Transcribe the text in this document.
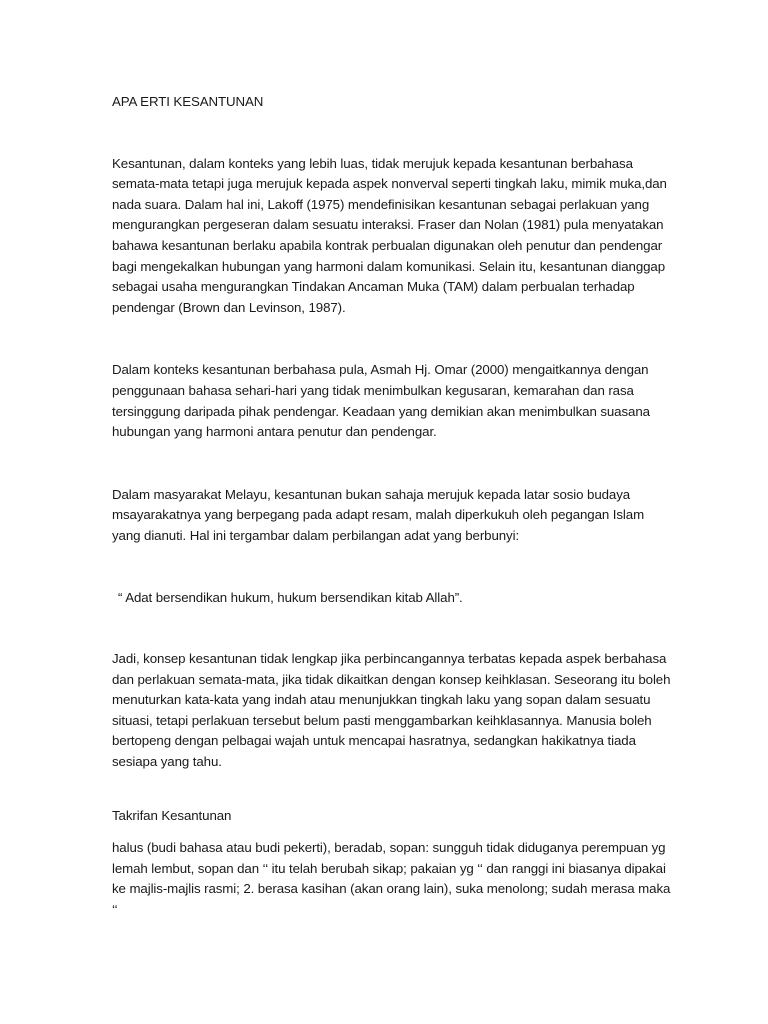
APA ERTI KESANTUNAN

Kesantunan, dalam konteks yang lebih luas, tidak merujuk kepada kesantunan berbahasa semata-mata tetapi juga merujuk kepada aspek nonverval seperti tingkah laku, mimik muka,dan nada suara. Dalam hal ini, Lakoff (1975) mendefinisikan kesantunan sebagai perlakuan yang mengurangkan pergeseran dalam sesuatu interaksi. Fraser dan Nolan (1981) pula menyatakan bahawa kesantunan berlaku apabila kontrak perbualan digunakan oleh penutur dan pendengar bagi mengekalkan hubungan yang harmoni dalam komunikasi. Selain itu, kesantunan dianggap sebagai usaha mengurangkan Tindakan Ancaman Muka (TAM) dalam perbualan terhadap pendengar (Brown dan Levinson, 1987).

Dalam konteks kesantunan berbahasa pula, Asmah Hj. Omar (2000) mengaitkannya dengan penggunaan bahasa sehari-hari yang tidak menimbulkan kegusaran, kemarahan dan rasa tersinggung daripada pihak pendengar. Keadaan yang demikian akan menimbulkan suasana hubungan yang harmoni antara penutur dan pendengar.

Dalam masyarakat Melayu, kesantunan bukan sahaja merujuk kepada latar sosio budaya msayarakatnya yang berpegang pada adapt resam, malah diperkukuh oleh pegangan Islam yang dianuti. Hal ini tergambar dalam perbilangan adat yang berbunyi:

“ Adat bersendikan hukum, hukum bersendikan kitab Allah”.

Jadi, konsep kesantunan tidak lengkap jika perbincangannya terbatas kepada aspek berbahasa dan perlakuan semata-mata, jika tidak dikaitkan dengan konsep keihklasan. Seseorang itu boleh menuturkan kata-kata yang indah atau menunjukkan tingkah laku yang sopan dalam sesuatu situasi, tetapi perlakuan tersebut belum pasti menggambarkan keihklasannya. Manusia boleh bertopeng dengan pelbagai wajah untuk mencapai hasratnya, sedangkan hakikatnya tiada sesiapa yang tahu.

Takrifan Kesantunan

halus (budi bahasa atau budi pekerti), beradab, sopan: sungguh tidak diduganya perempuan yg lemah lembut, sopan dan ‘‘ itu telah berubah sikap; pakaian yg ‘‘ dan ranggi ini biasanya dipakai ke majlis-majlis rasmi; 2. berasa kasihan (akan orang lain), suka menolong; sudah merasa maka ‘‘
